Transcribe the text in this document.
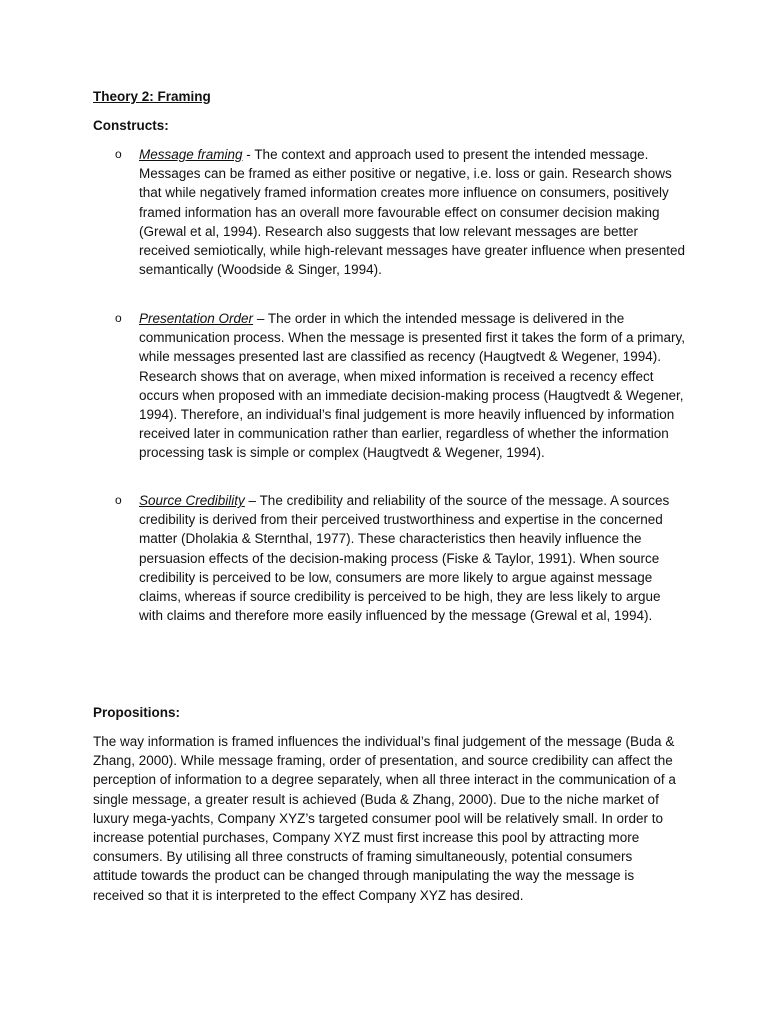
Theory 2: Framing
Constructs:
o Message framing - The context and approach used to present the intended message. Messages can be framed as either positive or negative, i.e. loss or gain. Research shows that while negatively framed information creates more influence on consumers, positively framed information has an overall more favourable effect on consumer decision making (Grewal et al, 1994). Research also suggests that low relevant messages are better received semiotically, while high-relevant messages have greater influence when presented semantically (Woodside & Singer, 1994).

o Presentation Order – The order in which the intended message is delivered in the communication process. When the message is presented first it takes the form of a primary, while messages presented last are classified as recency (Haugtvedt & Wegener, 1994). Research shows that on average, when mixed information is received a recency effect occurs when proposed with an immediate decision-making process (Haugtvedt & Wegener, 1994). Therefore, an individual’s final judgement is more heavily influenced by information received later in communication rather than earlier, regardless of whether the information processing task is simple or complex (Haugtvedt & Wegener, 1994).

o Source Credibility – The credibility and reliability of the source of the message. A sources credibility is derived from their perceived trustworthiness and expertise in the concerned matter (Dholakia & Sternthal, 1977). These characteristics then heavily influence the persuasion effects of the decision-making process (Fiske & Taylor, 1991). When source credibility is perceived to be low, consumers are more likely to argue against message claims, whereas if source credibility is perceived to be high, they are less likely to argue with claims and therefore more easily influenced by the message (Grewal et al, 1994).

Propositions:

The way information is framed influences the individual’s final judgement of the message (Buda & Zhang, 2000). While message framing, order of presentation, and source credibility can affect the perception of information to a degree separately, when all three interact in the communication of a single message, a greater result is achieved (Buda & Zhang, 2000). Due to the niche market of luxury mega-yachts, Company XYZ’s targeted consumer pool will be relatively small. In order to increase potential purchases, Company XYZ must first increase this pool by attracting more consumers. By utilising all three constructs of framing simultaneously, potential consumers attitude towards the product can be changed through manipulating the way the message is received so that it is interpreted to the effect Company XYZ has desired.
